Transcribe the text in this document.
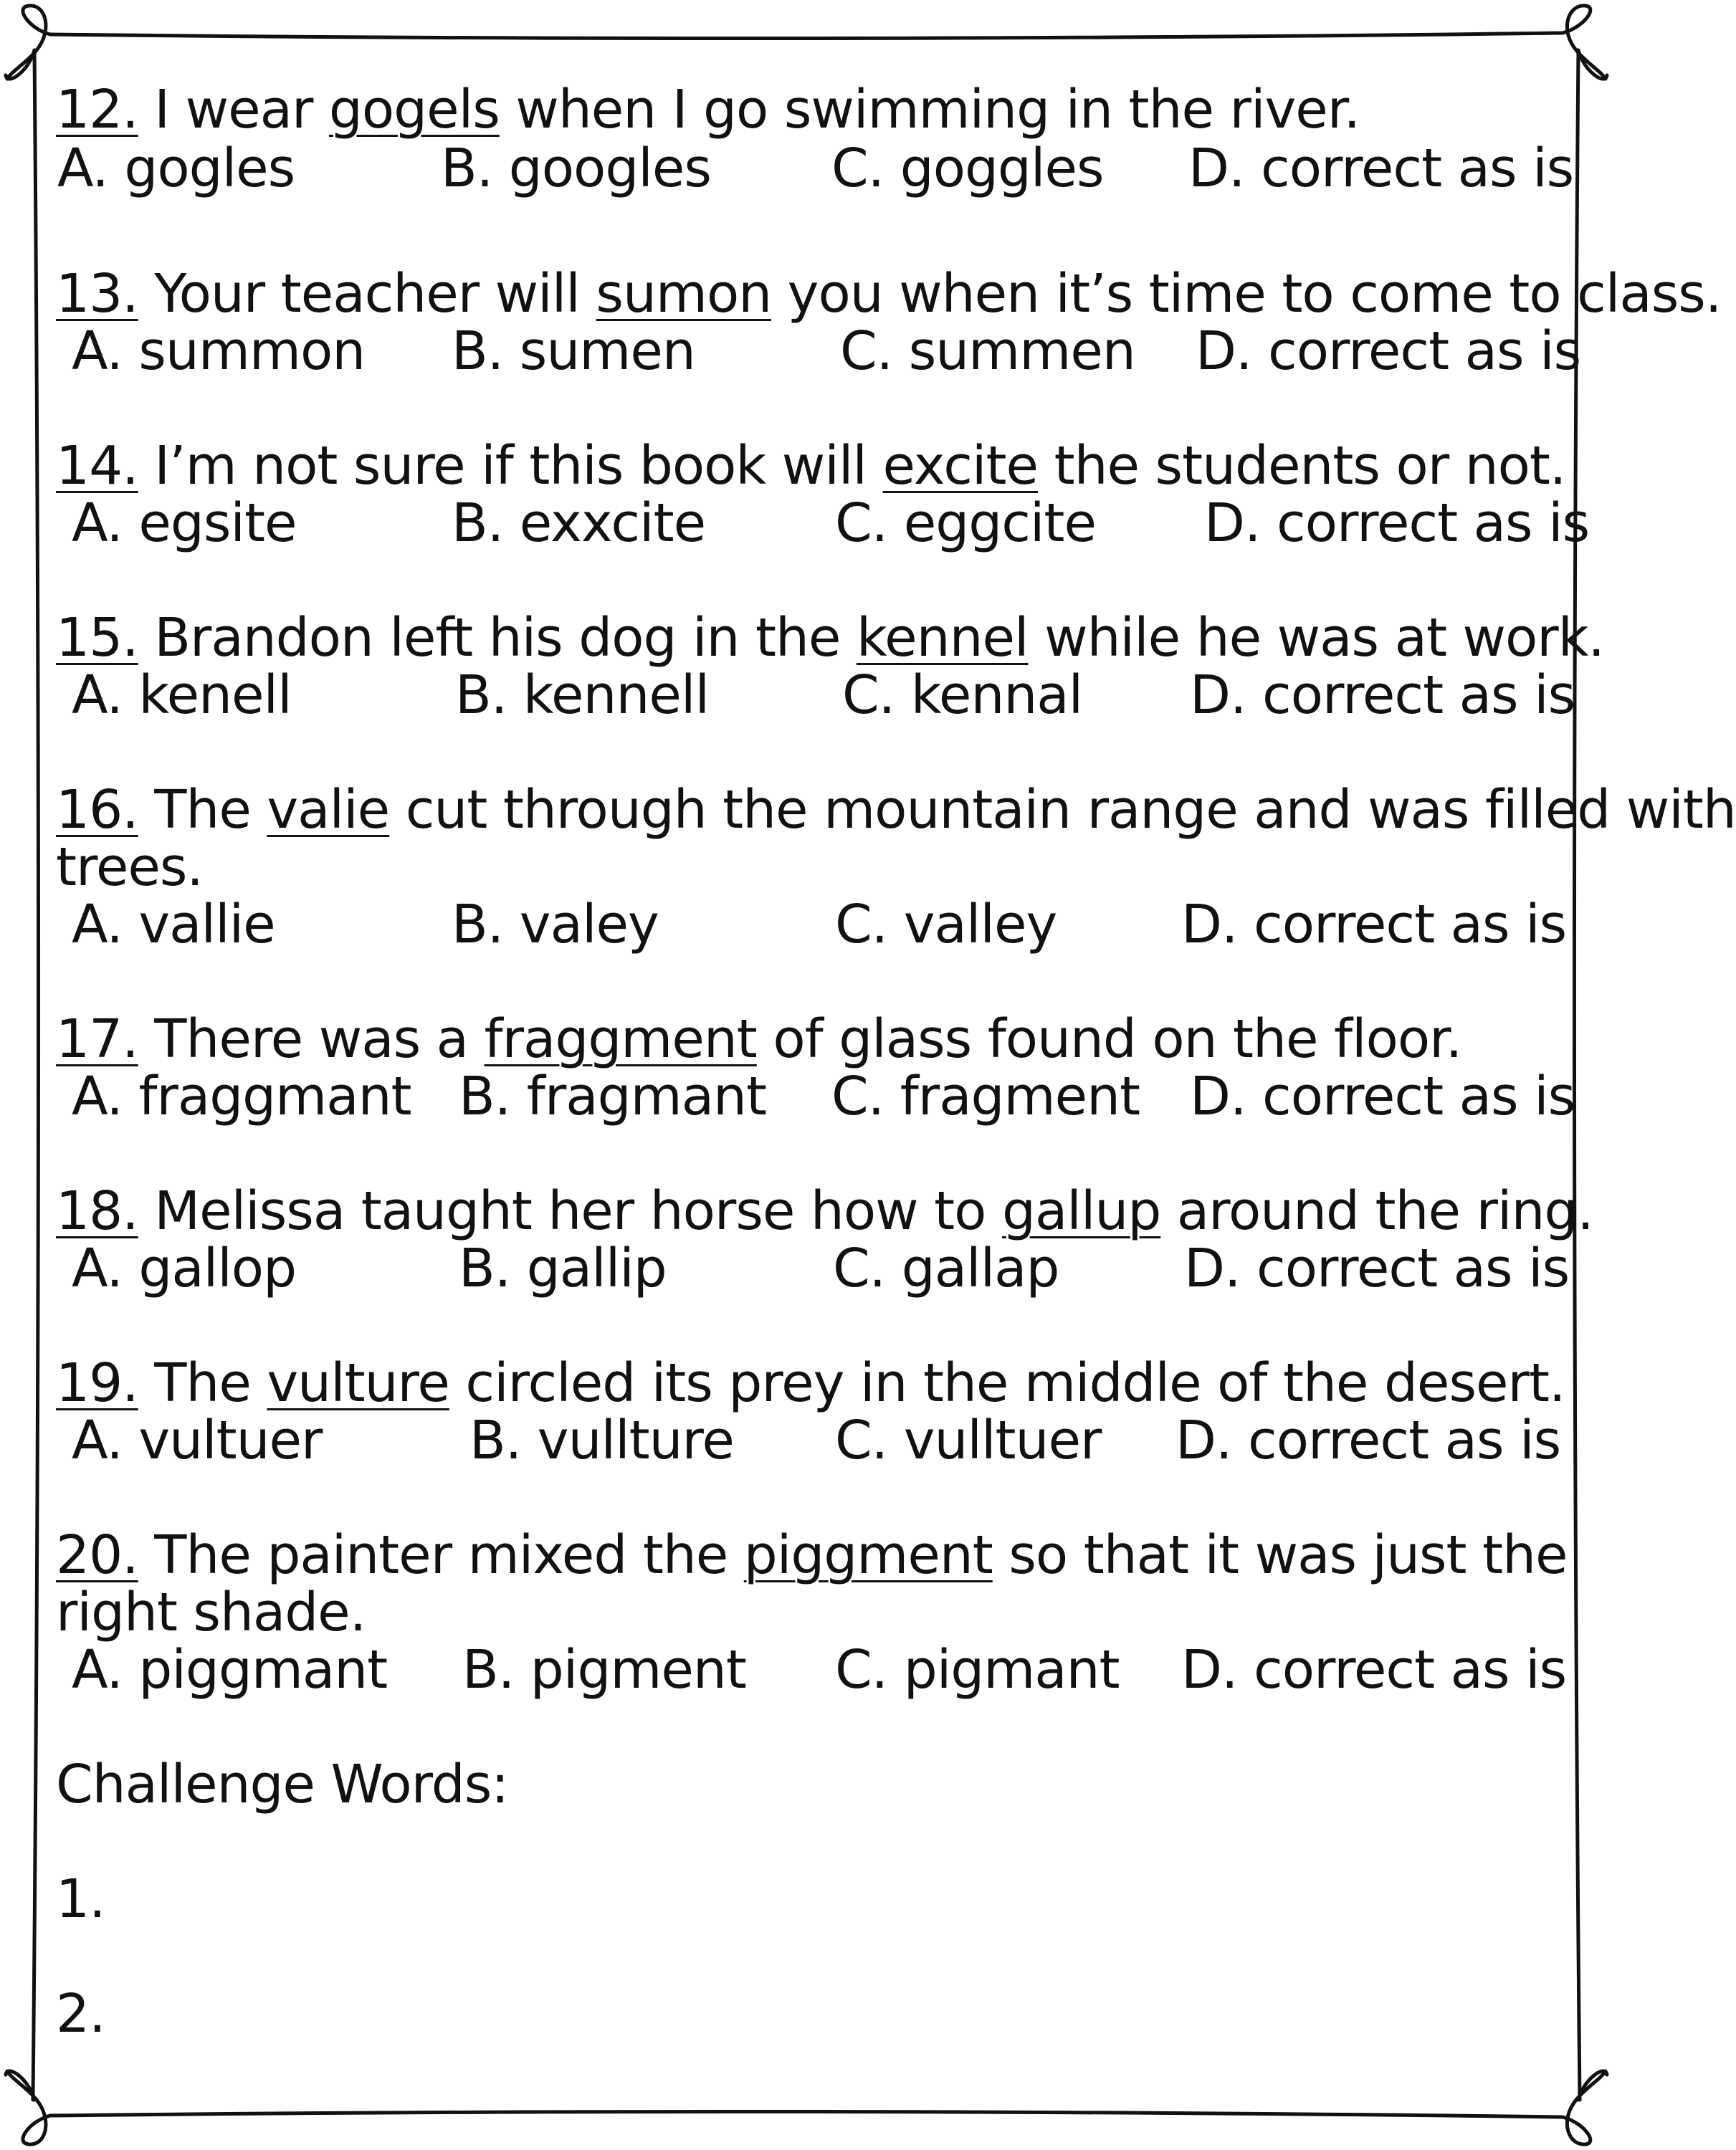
12. I wear gogels when I go swimming in the river.

A. gogles	B. googles C. goggles D. correct as is

13. Your teacher will sumon you when it’s time to come to class.

A. summon B. sumen	C. summen D. correct as is

14. I’m not sure if this book will excite the students or not.

A. egsite	B. exxcite C. eggcite D. correct as is

15. Brandon left his dog in the kennel while he was at work.

A. kenell	B. kennell	C. kennal D. correct as is

16. The valie cut through the mountain range and was filled with

trees.

A. vallie	B. valey	C. valley D. correct as is

17. There was a fraggment of glass found on the floor.

A. fraggmant B. fragmant C. fragment D. correct as is

18. Melissa taught her horse how to gallup around the ring.

A. gallop	B. gallip	C. gallap D. correct as is

19. The vulture circled its prey in the middle of the desert.

A. vultuer	B. vullture C. vulltuer D. correct as is

20. The painter mixed the piggment so that it was just the

right shade.

A. piggmant B. pigment C. pigmant D. correct as is

Challenge Words:

1.

2.
